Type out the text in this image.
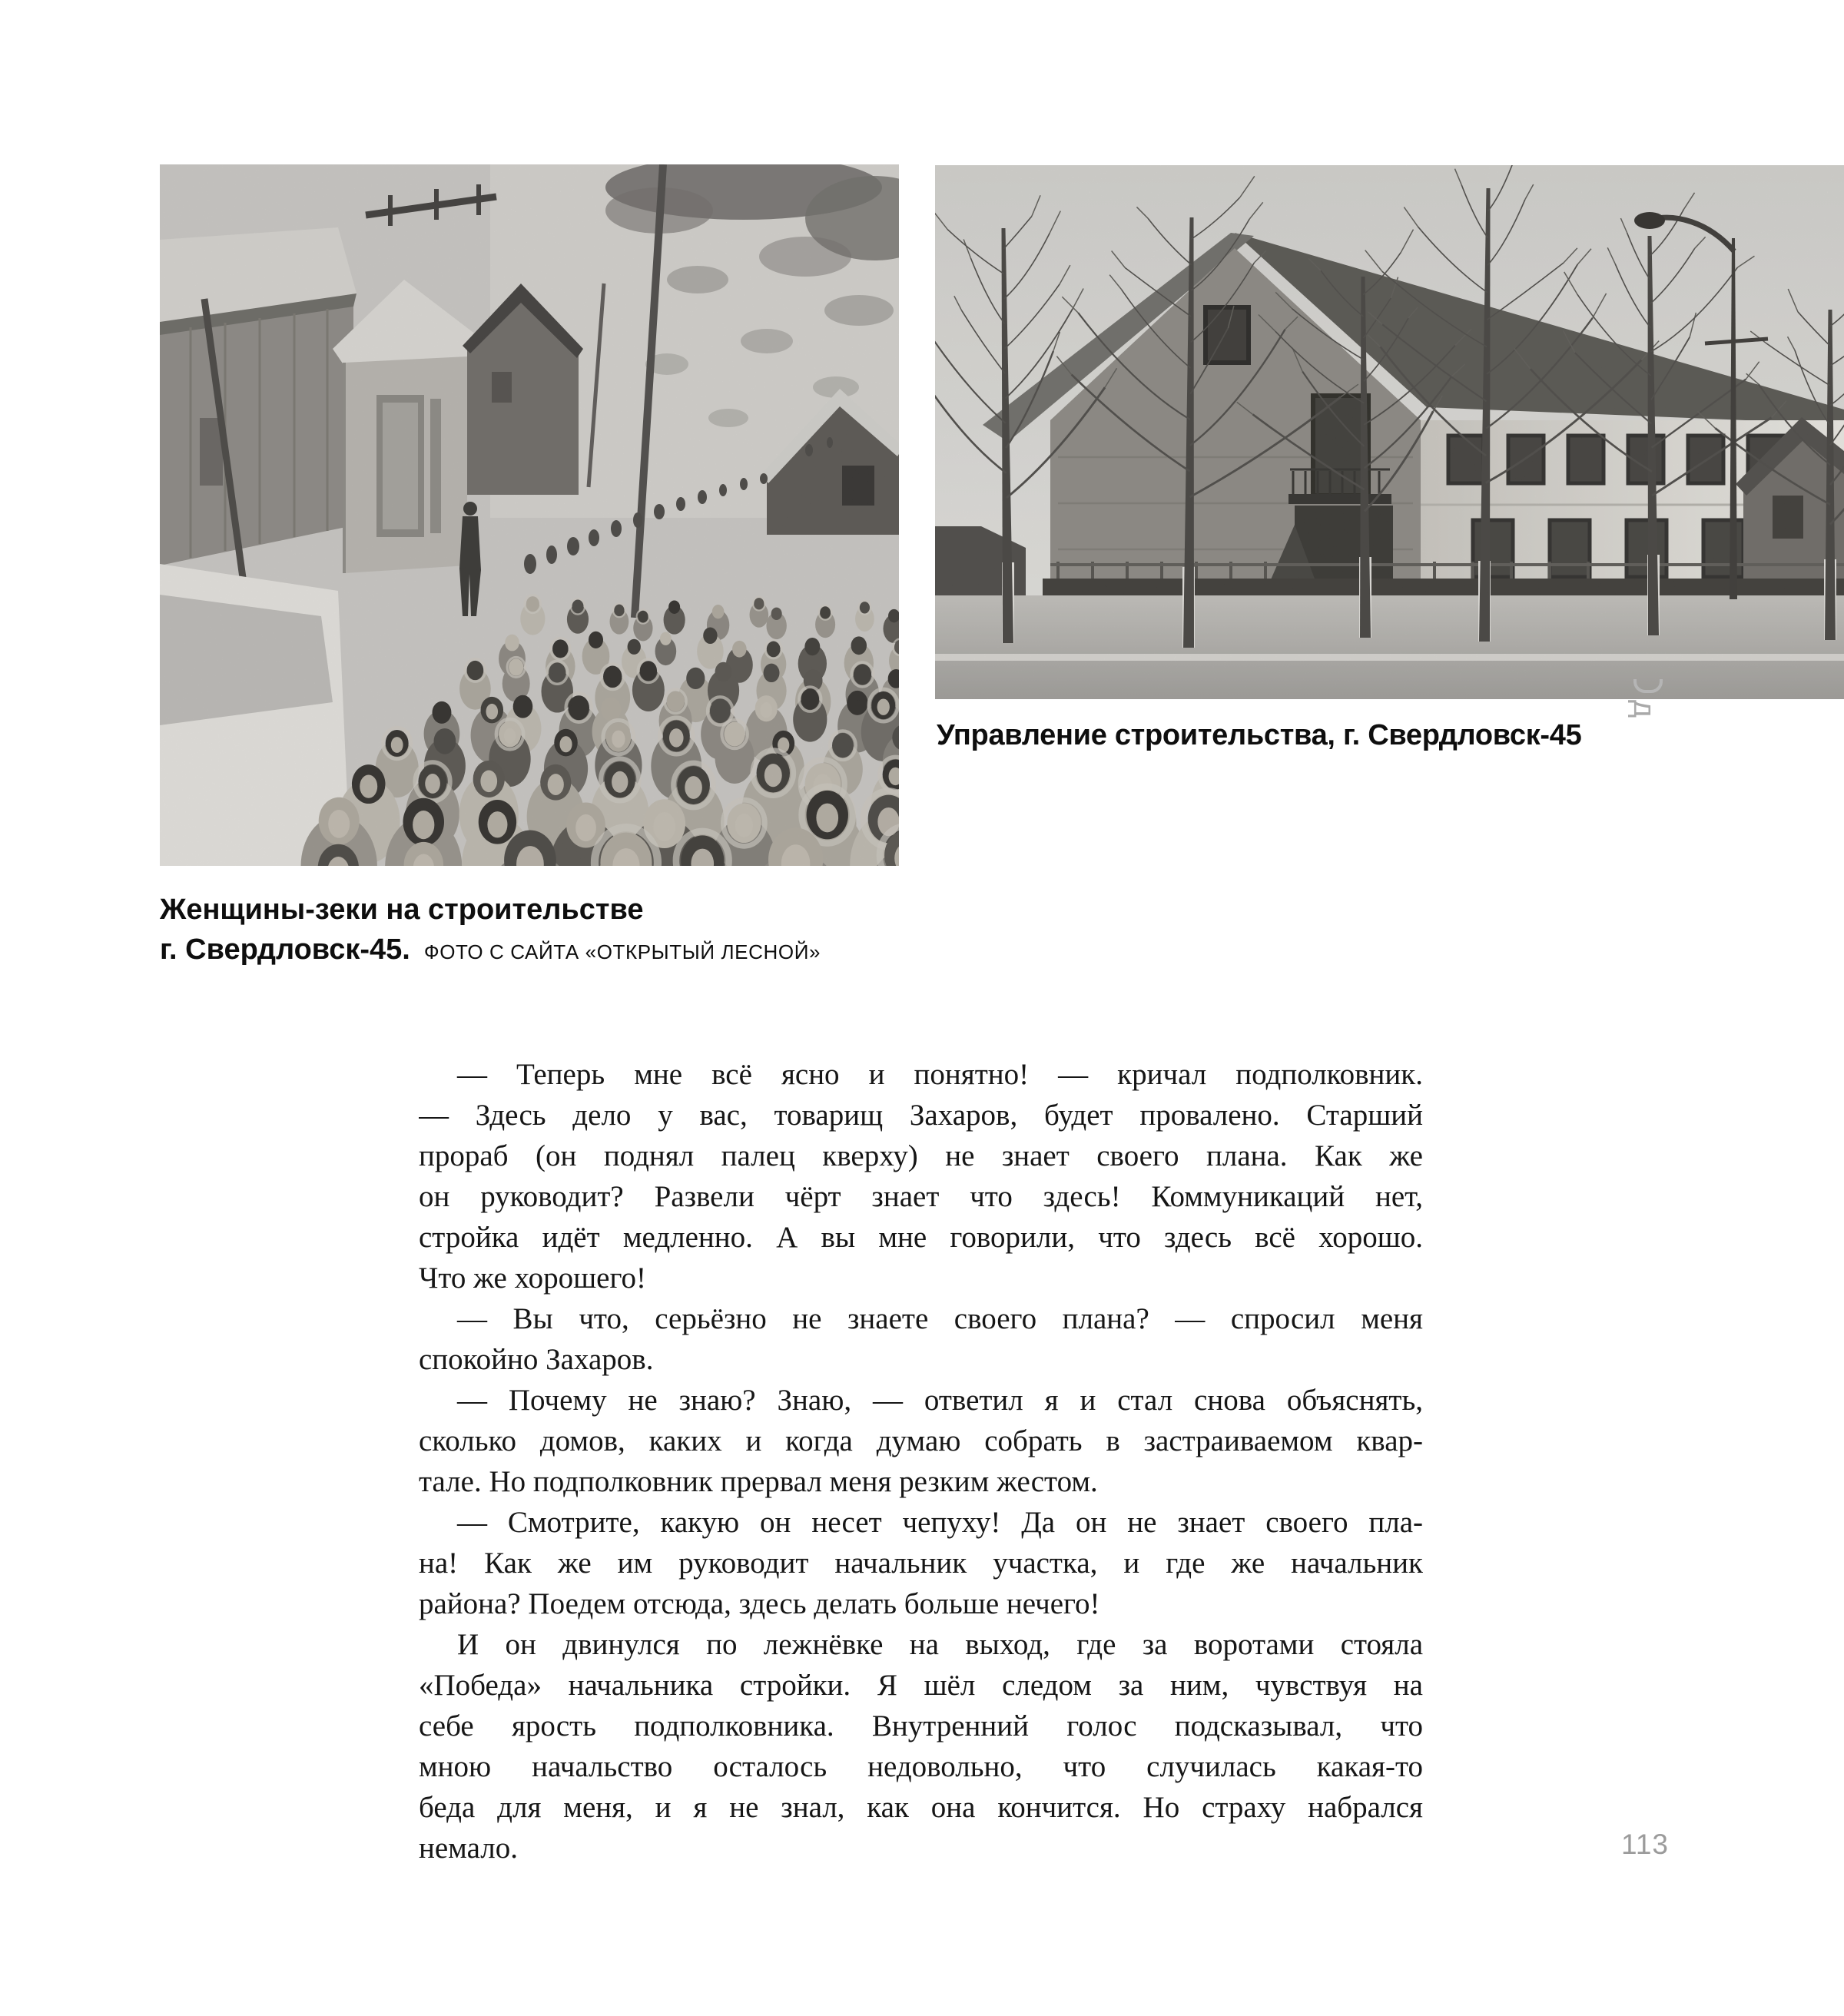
Управление строительства, г. Свердловск-45
Женщины-зеки на строительстве
г. Свердловск-45. ФОТО С САЙТА «ОТКРЫТЫЙ ЛЕСНОЙ»
д
— Теперь мне всё ясно и понятно! — кричал подполковник.
— Здесь дело у вас, товарищ Захаров, будет провалено. Старший
прораб (он поднял палец кверху) не знает своего плана. Как же
он руководит? Развели чёрт знает что здесь! Коммуникаций нет,
стройка идёт медленно. А вы мне говорили, что здесь всё хорошо.
Что же хорошего!
— Вы что, серьёзно не знаете своего плана? — спросил меня
спокойно Захаров.
— Почему не знаю? Знаю, — ответил я и стал снова объяснять,
сколько домов, каких и когда думаю собрать в застраиваемом квар-
тале. Но подполковник прервал меня резким жестом.
— Смотрите, какую он несет чепуху! Да он не знает своего пла-
на! Как же им руководит начальник участка, и где же начальник
района? Поедем отсюда, здесь делать больше нечего!
И он двинулся по лежнёвке на выход, где за воротами стояла
«Победа» начальника стройки. Я шёл следом за ним, чувствуя на
себе ярость подполковника. Внутренний голос подсказывал, что
мною начальство осталось недовольно, что случилась какая-то
беда для меня, и я не знал, как она кончится. Но страху набрался
немало.	113
